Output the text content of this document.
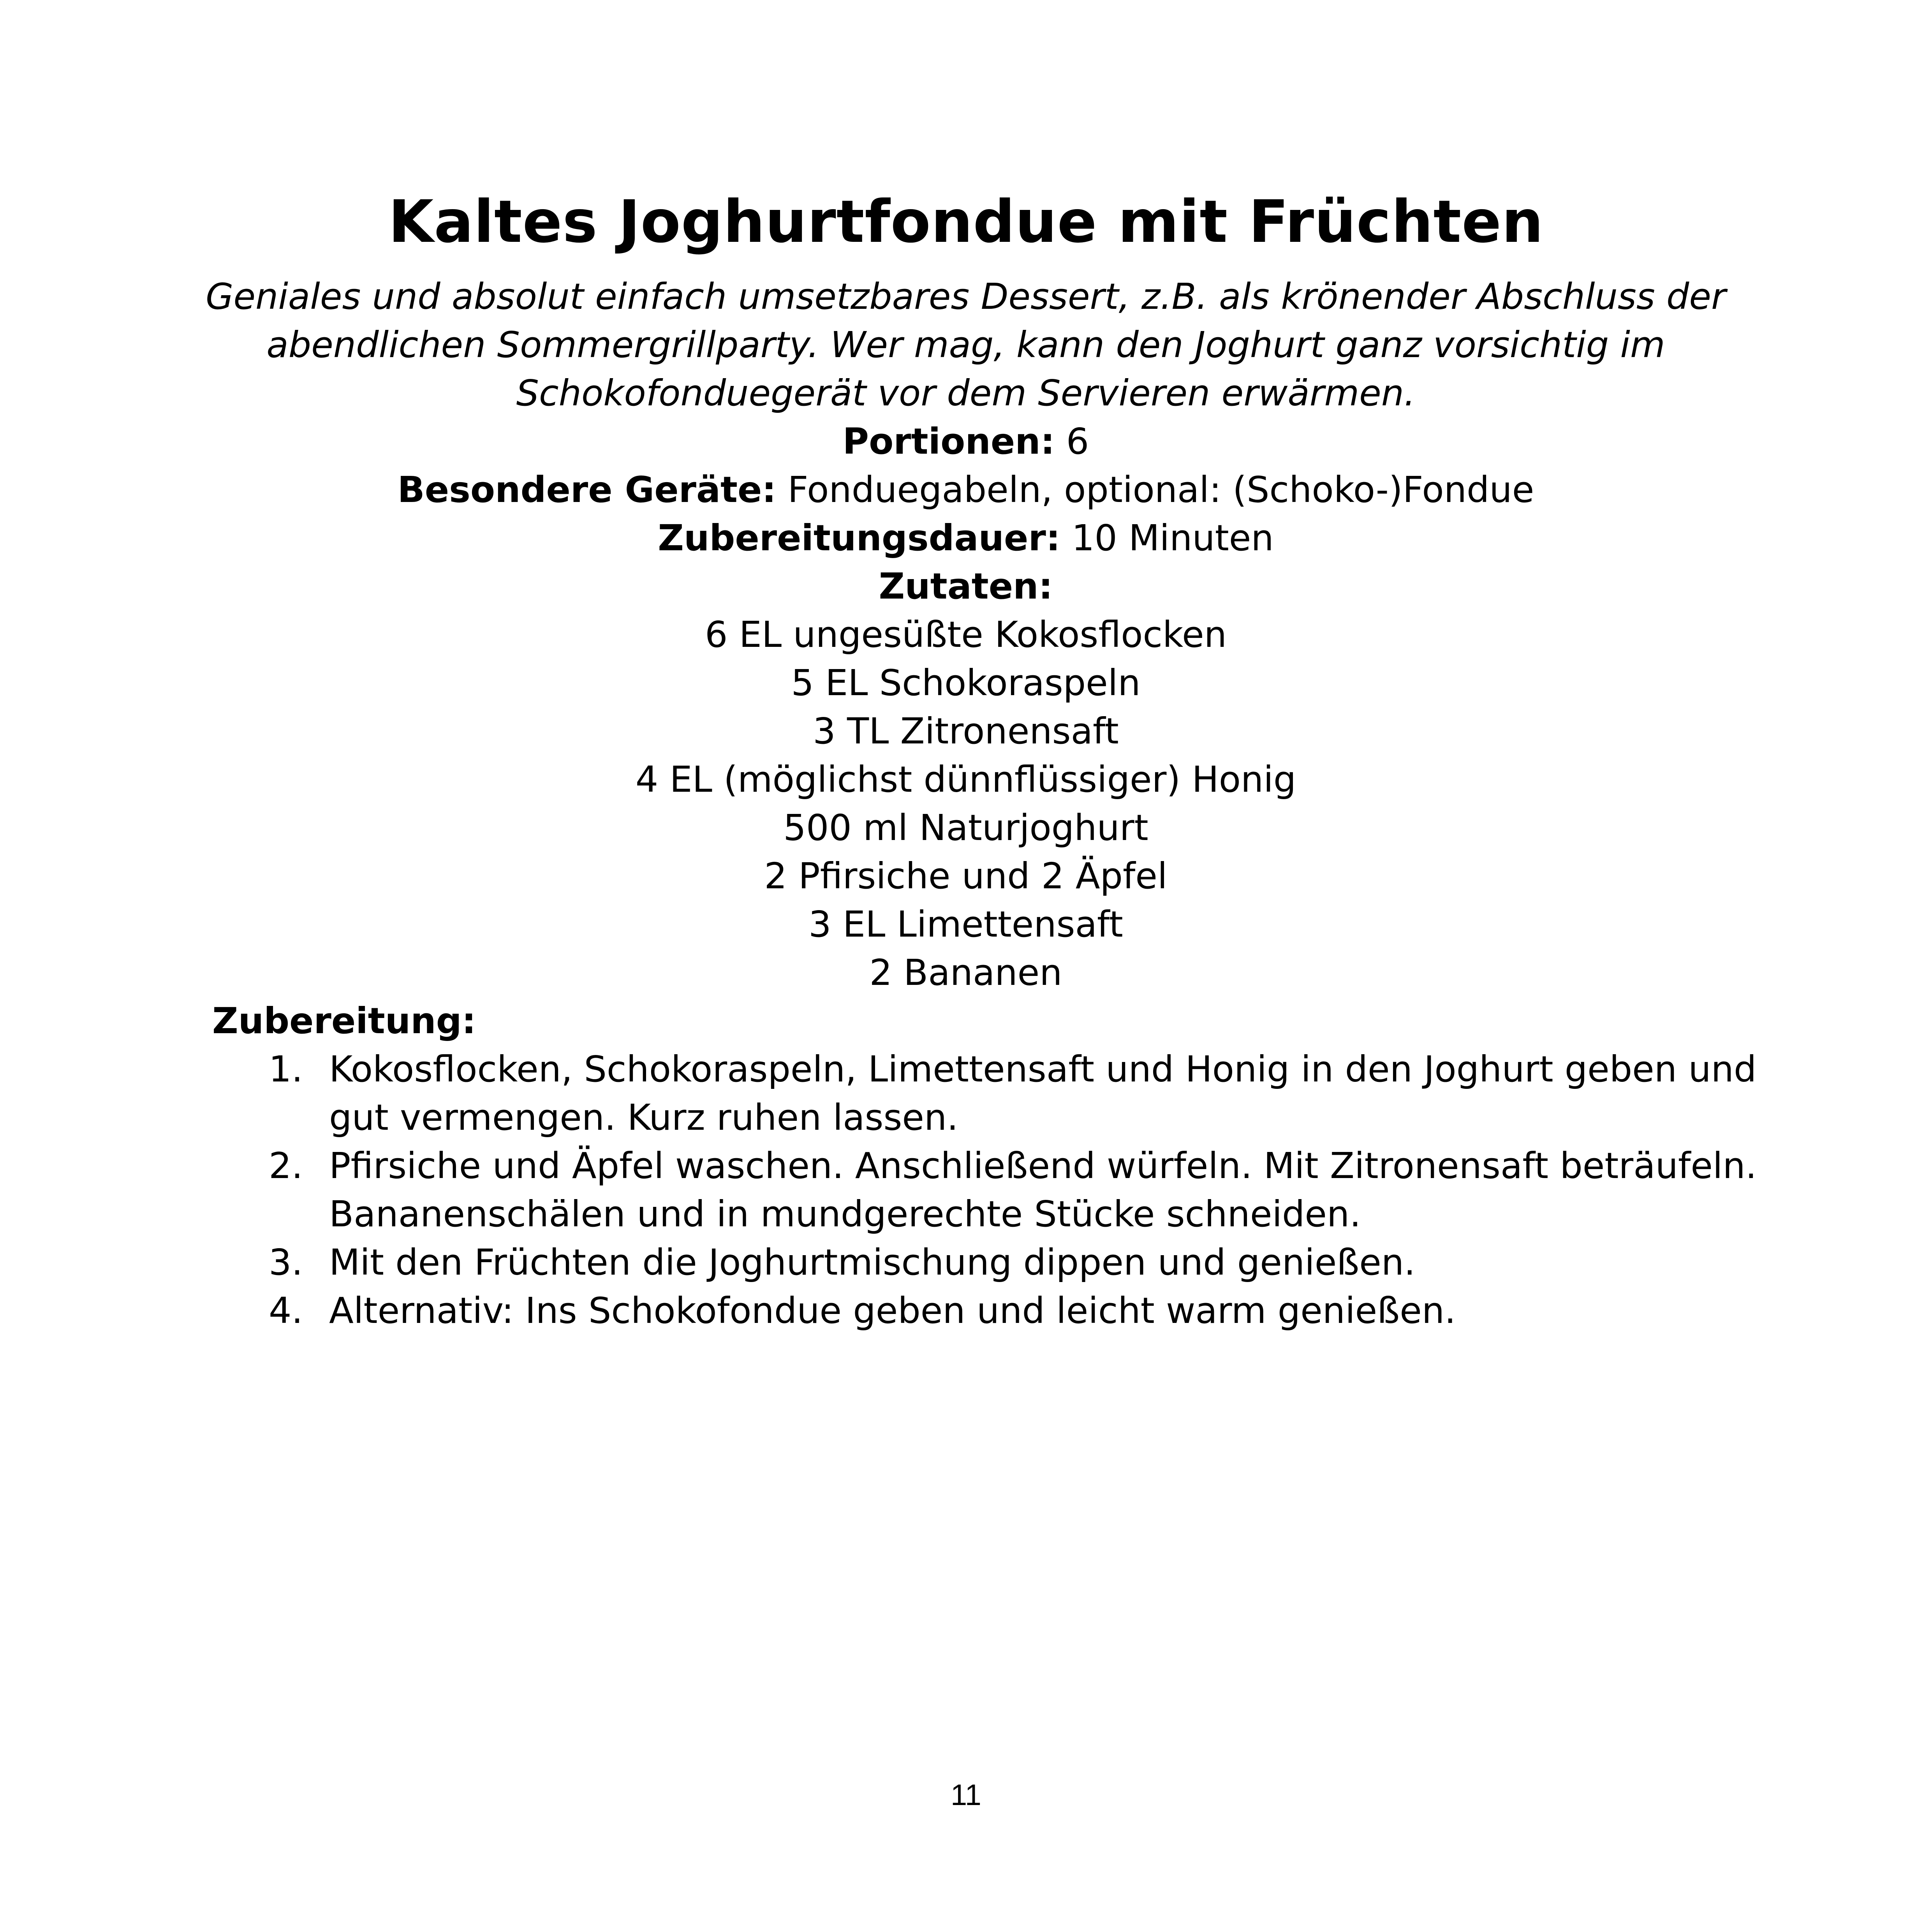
Kaltes Joghurtfondue mit Früchten

Geniales und absolut einfach umsetzbares Dessert, z.B. als krönender Abschluss der abendlichen Sommergrillparty. Wer mag, kann den Joghurt ganz vorsichtig im Schokofonduegerät vor dem Servieren erwärmen.

Portionen: 6

Besondere Geräte: Fonduegabeln, optional: (Schoko-)Fondue

Zubereitungsdauer: 10 Minuten

Zutaten:

6 EL ungesüßte Kokosflocken
5 EL Schokoraspeln
3 TL Zitronensaft
4 EL (möglichst dünnflüssiger) Honig
500 ml Naturjoghurt
2 Pfirsiche und 2 Äpfel
3 EL Limettensaft
2 Bananen

Zubereitung:

1. Kokosflocken, Schokoraspeln, Limettensaft und Honig in den Joghurt geben und gut vermengen. Kurz ruhen lassen.
2. Pfirsiche und Äpfel waschen. Anschließend würfeln. Mit Zitronensaft beträufeln. Bananenschälen und in mundgerechte Stücke schneiden.
3. Mit den Früchten die Joghurtmischung dippen und genießen.
4. Alternativ: Ins Schokofondue geben und leicht warm genießen.
11
